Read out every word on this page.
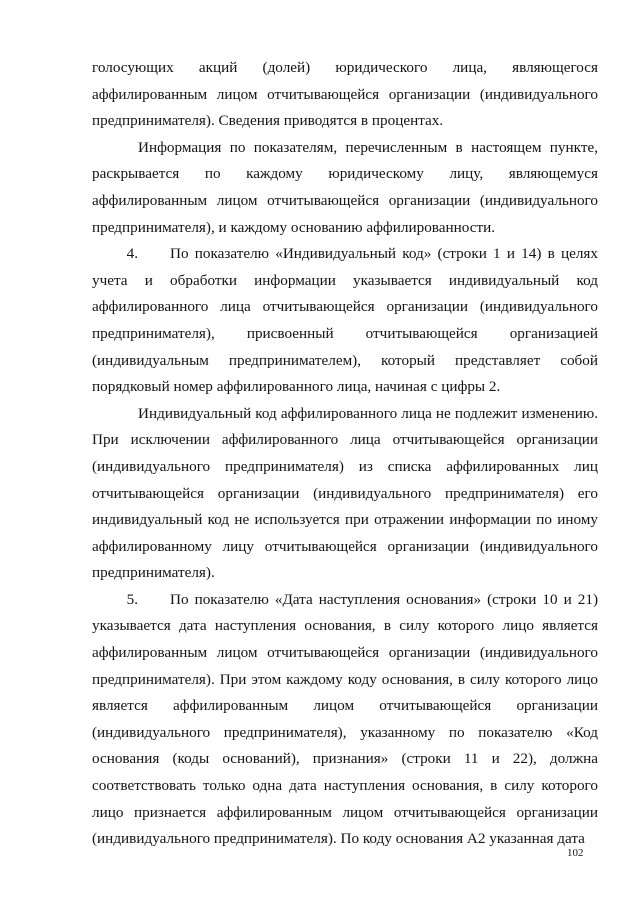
голосующих акций (долей) юридического лица, являющегося аффилированным лицом отчитывающейся организации (индивидуального предпринимателя). Сведения приводятся в процентах.

Информация по показателям, перечисленным в настоящем пункте, раскрывается по каждому юридическому лицу, являющемуся аффилированным лицом отчитывающейся организации (индивидуального предпринимателя), и каждому основанию аффилированности.

4. По показателю «Индивидуальный код» (строки 1 и 14) в целях учета и обработки информации указывается индивидуальный код аффилированного лица отчитывающейся организации (индивидуального предпринимателя), присвоенный отчитывающейся организацией (индивидуальным предпринимателем), который представляет собой порядковый номер аффилированного лица, начиная с цифры 2.

Индивидуальный код аффилированного лица не подлежит изменению. При исключении аффилированного лица отчитывающейся организации (индивидуального предпринимателя) из списка аффилированных лиц отчитывающейся организации (индивидуального предпринимателя) его индивидуальный код не используется при отражении информации по иному аффилированному лицу отчитывающейся организации (индивидуального предпринимателя).

5. По показателю «Дата наступления основания» (строки 10 и 21) указывается дата наступления основания, в силу которого лицо является аффилированным лицом отчитывающейся организации (индивидуального предпринимателя). При этом каждому коду основания, в силу которого лицо является аффилированным лицом отчитывающейся организации (индивидуального предпринимателя), указанному по показателю «Код основания (коды оснований), признания» (строки 11 и 22), должна соответствовать только одна дата наступления основания, в силу которого лицо признается аффилированным лицом отчитывающейся организации (индивидуального предпринимателя). По коду основания А2 указанная дата

102
